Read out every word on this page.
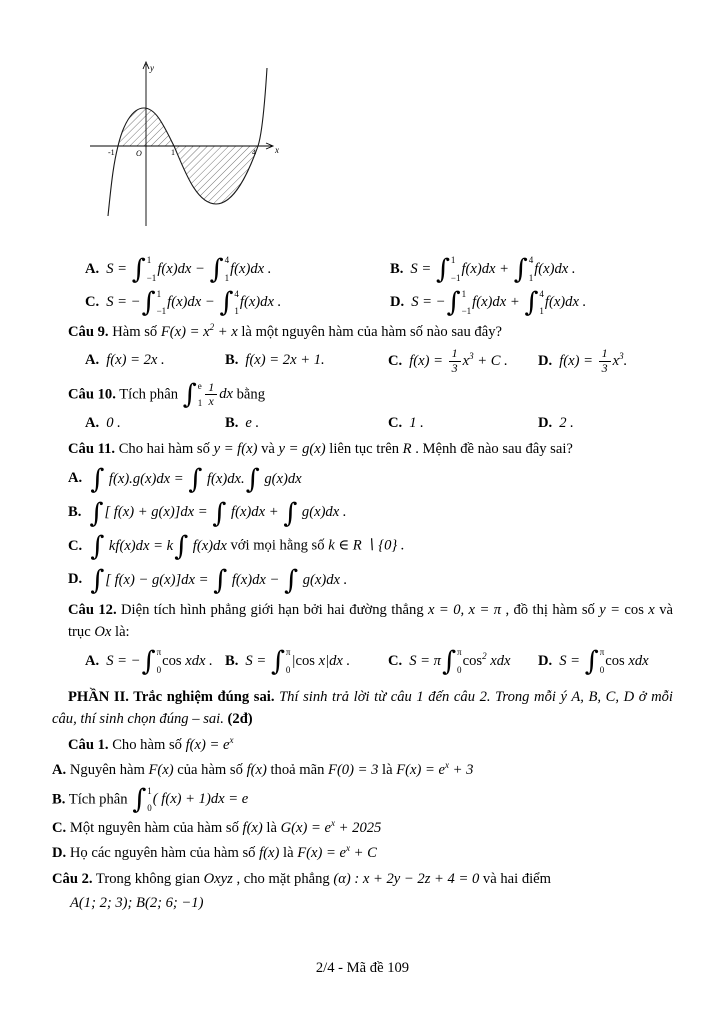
y
x
O
-1	1	4
A. S = ∫ 1
−1
f(x)dx − ∫ 4
1
f(x)dx .	B. S = ∫ 1
−1
f(x)dx + ∫ 4
1
f(x)dx .
C. S = − ∫ 1
−1
f(x)dx − ∫ 4
1
f(x)dx .	D. S = − ∫ 1
−1
f(x)dx + ∫ 4
1
f(x)dx .

Câu 9. Hàm số $F(x) = x^2 + x$ là một nguyên hàm của hàm số nào sau đây?

A. f(x) = 2x .	B. f(x) = 2x + 1.	C. $f(x) = \frac{1}{3} x^3 + C$ .	D. $f(x) = \frac{1}{3} x^3$.

Câu 10. Tích phân ∫ e
$1 \frac{1}{x}$ dx bằng

A. 0 .	B. e .	C. 1 .	D. 2 .

Câu 11. Cho hai hàm số y = f(x) và y = g(x) liên tục trên R . Mệnh đề nào sau đây sai?

A. ∫ f(x).g(x)dx = ∫ f(x)dx. ∫ g(x)dx
B. ∫ [ f(x) + g(x)]dx = ∫ f(x)dx + ∫ g(x)dx .
C. ∫ kf(x)dx = k ∫ f(x)dx với mọi hằng số k ∈ R ∖ {0} .
D. ∫ [ f(x) − g(x)]dx = ∫ f(x)dx − ∫ g(x)dx .

Câu 12. Diện tích hình phẳng giới hạn bởi hai đường thẳng x = 0, x = π , đồ thị hàm số y = cos x và trục Ox là:

A. S = − ∫ π
0
cos xdx . B. S = ∫ π
0
|cos x|dx .	C. S = π ∫ π
0
$\cos^2$ xdx	D. S = ∫ π
0
cos xdx

PHẦN II. Trắc nghiệm đúng sai. Thí sinh trả lời từ câu 1 đến câu 2. Trong mỗi ý A, B, C, D ở mỗi câu, thí sinh chọn đúng – sai. (2đ)

Câu 1. Cho hàm số $f(x) = e^x$

A. Nguyên hàm F(x) của hàm số f(x) thoả mãn F(0) = 3 là $F(x) = e^x + 3$

B. Tích phân ∫ 1
0
( f(x) + 1)dx = e

C. Một nguyên hàm của hàm số f(x) là $G(x) = e^x + 2025$

D. Họ các nguyên hàm của hàm số f(x) là $F(x) = e^x + C$

Câu 2. Trong không gian Oxyz , cho mặt phẳng (α) : x + 2y − 2z + 4 = 0 và hai điểm

A(1; 2; 3); B(2; 6; −1)

2/4 - Mã đề 109
